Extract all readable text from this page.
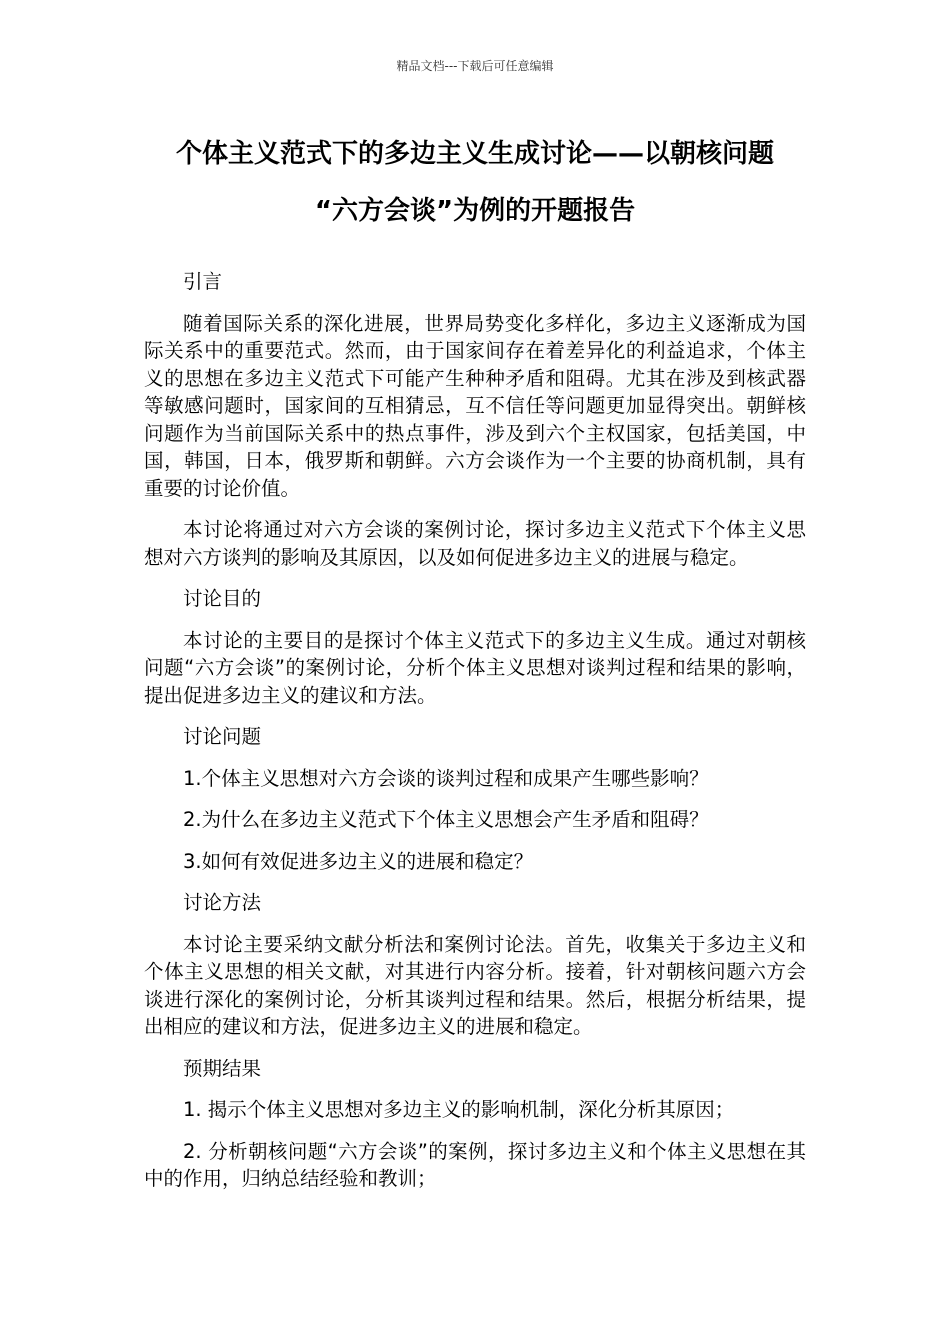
精品文档---下载后可任意编辑
个体主义范式下的多边主义生成讨论——以朝核问题
“六方会谈”为例的开题报告

引言

随着国际关系的深化进展，世界局势变化多样化，多边主义逐渐成为国际关系中的重要范式。然而，由于国家间存在着差异化的利益追求，个体主义的思想在多边主义范式下可能产生种种矛盾和阻碍。尤其在涉及到核武器等敏感问题时，国家间的互相猜忌，互不信任等问题更加显得突出。朝鲜核问题作为当前国际关系中的热点事件，涉及到六个主权国家，包括美国，中国，韩国，日本，俄罗斯和朝鲜。六方会谈作为一个主要的协商机制，具有重要的讨论价值。

本讨论将通过对六方会谈的案例讨论，探讨多边主义范式下个体主义思想对六方谈判的影响及其原因，以及如何促进多边主义的进展与稳定。

讨论目的

本讨论的主要目的是探讨个体主义范式下的多边主义生成。通过对朝核问题“六方会谈”的案例讨论，分析个体主义思想对谈判过程和结果的影响，提出促进多边主义的建议和方法。

讨论问题

1.个体主义思想对六方会谈的谈判过程和成果产生哪些影响？

2.为什么在多边主义范式下个体主义思想会产生矛盾和阻碍？

3.如何有效促进多边主义的进展和稳定？

讨论方法

本讨论主要采纳文献分析法和案例讨论法。首先，收集关于多边主义和个体主义思想的相关文献，对其进行内容分析。接着，针对朝核问题六方会谈进行深化的案例讨论，分析其谈判过程和结果。然后，根据分析结果，提出相应的建议和方法，促进多边主义的进展和稳定。

预期结果

1. 揭示个体主义思想对多边主义的影响机制，深化分析其原因；

2. 分析朝核问题“六方会谈”的案例，探讨多边主义和个体主义思想在其中的作用，归纳总结经验和教训；
